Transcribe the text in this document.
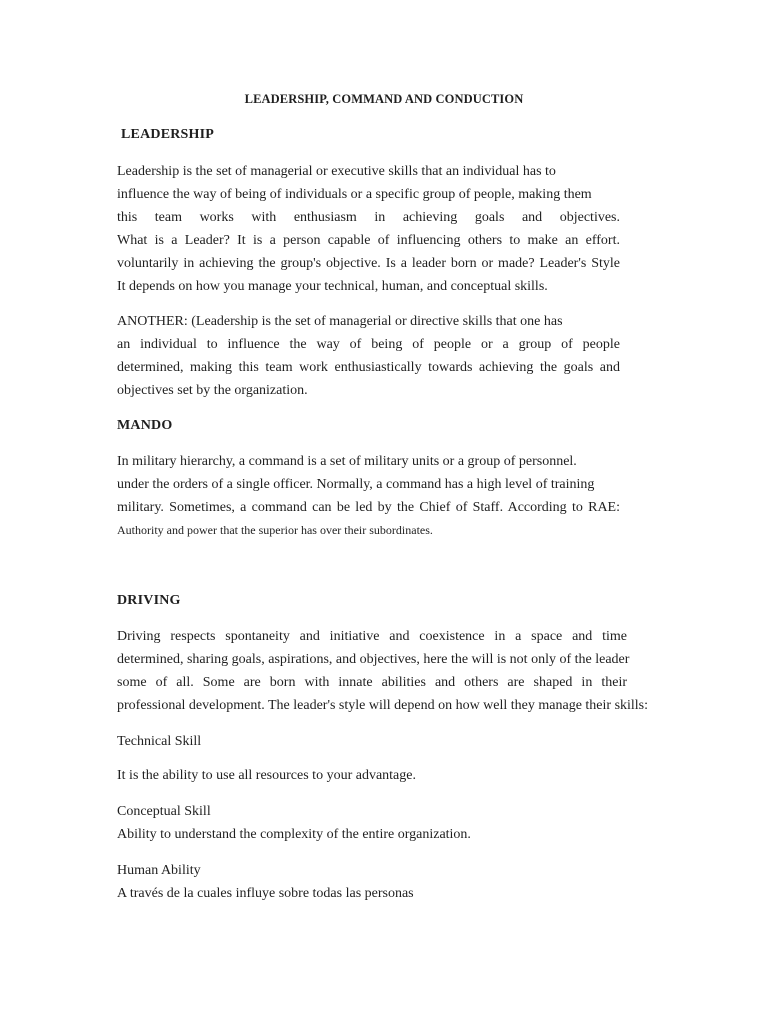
LEADERSHIP, COMMAND AND CONDUCTION
LEADERSHIP
Leadership is the set of managerial or executive skills that an individual has to
influence the way of being of individuals or a specific group of people, making them
this team works with enthusiasm in achieving goals and objectives.
What is a Leader? It is a person capable of influencing others to make an effort.
voluntarily in achieving the group's objective. Is a leader born or made? Leader's Style
It depends on how you manage your technical, human, and conceptual skills.
ANOTHER: (Leadership is the set of managerial or directive skills that one has
an individual to influence the way of being of people or a group of people
determined, making this team work enthusiastically towards achieving the goals and
objectives set by the organization.
MANDO
In military hierarchy, a command is a set of military units or a group of personnel.
under the orders of a single officer. Normally, a command has a high level of training
military. Sometimes, a command can be led by the Chief of Staff. According to RAE:
Authority and power that the superior has over their subordinates.
DRIVING
Driving respects spontaneity and initiative and coexistence in a space and time
determined, sharing goals, aspirations, and objectives, here the will is not only of the leader
some of all. Some are born with innate abilities and others are shaped in their
professional development. The leader's style will depend on how well they manage their skills:
Technical Skill
It is the ability to use all resources to your advantage.
Conceptual Skill
Ability to understand the complexity of the entire organization.
Human Ability
A través de la cuales influye sobre todas las personas
